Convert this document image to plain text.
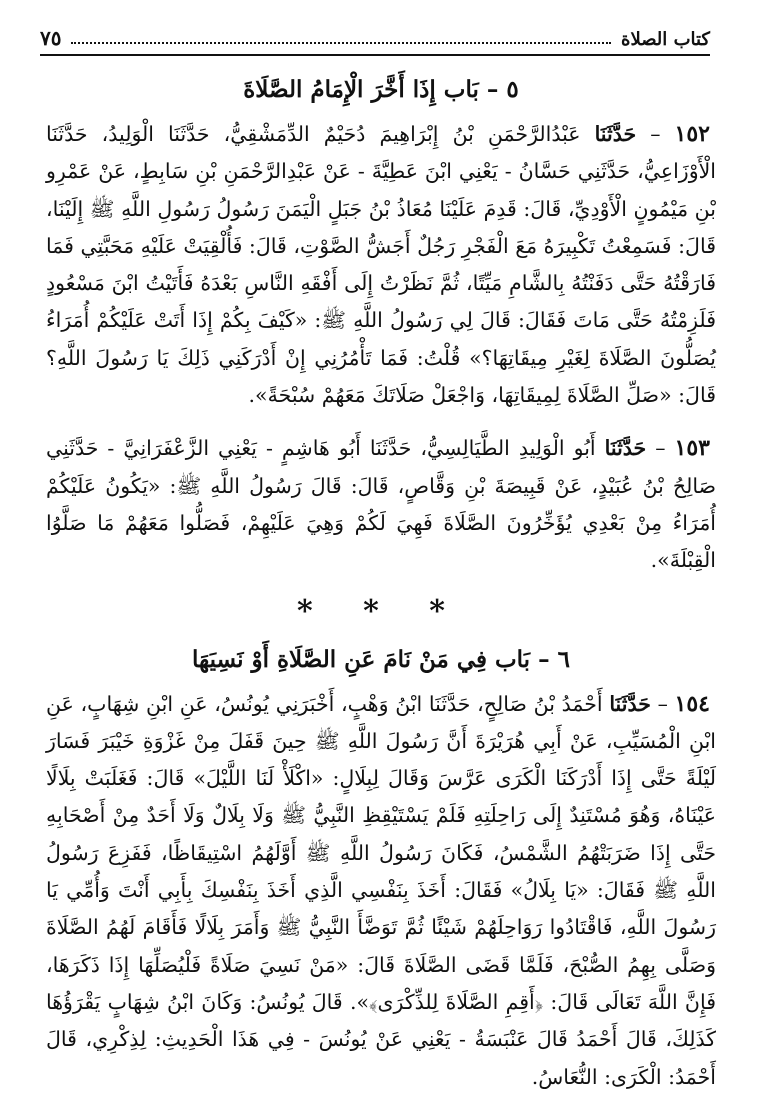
كتاب الصلاة
٧٥
٥ – بَاب إِذَا أَخَّرَ الْإِمَامُ الصَّلَاةَ

١٥٢ – حَدَّثَنَا عَبْدُالرَّحْمَنِ بْنُ إِبْرَاهِيمَ دُحَيْمٌ الدِّمَشْقِيُّ، حَدَّثَنَا الْوَلِيدُ، حَدَّثَنَا الْأَوْزَاعِيُّ، حَدَّثَنِي حَسَّانُ - يَعْنِي ابْنَ عَطِيَّةَ - عَنْ عَبْدِالرَّحْمَنِ بْنِ سَابِطٍ، عَنْ عَمْرِو بْنِ مَيْمُونٍ الْأَوْدِيِّ، قَالَ: قَدِمَ عَلَيْنَا مُعَاذُ بْنُ جَبَلٍ الْيَمَنَ رَسُولُ رَسُولِ اللَّهِ ﷺ إِلَيْنَا، قَالَ: فَسَمِعْتُ تَكْبِيرَهُ مَعَ الْفَجْرِ رَجُلٌ أَجَشُّ الصَّوْتِ، قَالَ: فَأُلْقِيَتْ عَلَيْهِ مَحَبَّتِي فَمَا فَارَقْتُهُ حَتَّى دَفَنْتُهُ بِالشَّامِ مَيِّتًا، ثُمَّ نَظَرْتُ إِلَى أَفْقَهِ النَّاسِ بَعْدَهُ فَأَتَيْتُ ابْنَ مَسْعُودٍ فَلَزِمْتُهُ حَتَّى مَاتَ فَقَالَ: قَالَ لِي رَسُولُ اللَّهِ ﷺ: «كَيْفَ بِكُمْ إِذَا أَتَتْ عَلَيْكُمْ أُمَرَاءُ يُصَلُّونَ الصَّلَاةَ لِغَيْرِ مِيقَاتِهَا؟» قُلْتُ: فَمَا تَأْمُرُنِي إِنْ أَدْرَكَنِي ذَلِكَ يَا رَسُولَ اللَّهِ؟ قَالَ: «صَلِّ الصَّلَاةَ لِمِيقَاتِهَا، وَاجْعَلْ صَلَاتَكَ مَعَهُمْ سُبْحَةً».

١٥٣ – حَدَّثَنَا أَبُو الْوَلِيدِ الطَّيَالِسِيُّ، حَدَّثَنَا أَبُو هَاشِمٍ - يَعْنِي الزَّعْفَرَانِيَّ - حَدَّثَنِي صَالِحُ بْنُ عُبَيْدٍ، عَنْ قَبِيصَةَ بْنِ وَقَّاصٍ، قَالَ: قَالَ رَسُولُ اللَّهِ ﷺ: «يَكُونُ عَلَيْكُمْ أُمَرَاءُ مِنْ بَعْدِي يُؤَخِّرُونَ الصَّلَاةَ فَهِيَ لَكُمْ وَهِيَ عَلَيْهِمْ، فَصَلُّوا مَعَهُمْ مَا صَلَّوُا الْقِبْلَةَ».

* * *
٦ – بَاب فِي مَنْ نَامَ عَنِ الصَّلَاةِ أَوْ نَسِيَهَا

١٥٤ – حَدَّثَنَا أَحْمَدُ بْنُ صَالِحٍ، حَدَّثَنَا ابْنُ وَهْبٍ، أَخْبَرَنِي يُونُسُ، عَنِ ابْنِ شِهَابٍ، عَنِ ابْنِ الْمُسَيِّبِ، عَنْ أَبِي هُرَيْرَةَ أَنَّ رَسُولَ اللَّهِ ﷺ حِينَ قَفَلَ مِنْ غَزْوَةِ خَيْبَرَ فَسَارَ لَيْلَةً حَتَّى إِذَا أَدْرَكَنَا الْكَرَى عَرَّسَ وَقَالَ لِبِلَالٍ: «اكْلَأْ لَنَا اللَّيْلَ» قَالَ: فَغَلَبَتْ بِلَالًا عَيْنَاهُ، وَهُوَ مُسْتَنِدٌ إِلَى رَاحِلَتِهِ فَلَمْ يَسْتَيْقِظِ النَّبِيُّ ﷺ وَلَا بِلَالٌ وَلَا أَحَدٌ مِنْ أَصْحَابِهِ حَتَّى إِذَا ضَرَبَتْهُمُ الشَّمْسُ، فَكَانَ رَسُولُ اللَّهِ ﷺ أَوَّلَهُمُ اسْتِيقَاظًا، فَفَزِعَ رَسُولُ اللَّهِ ﷺ فَقَالَ: «يَا بِلَالُ» فَقَالَ: أَخَذَ بِنَفْسِي الَّذِي أَخَذَ بِنَفْسِكَ بِأَبِي أَنْتَ وَأُمِّي يَا رَسُولَ اللَّهِ، فَاقْتَادُوا رَوَاحِلَهُمْ شَيْئًا ثُمَّ تَوَضَّأَ النَّبِيُّ ﷺ وَأَمَرَ بِلَالًا فَأَقَامَ لَهُمُ الصَّلَاةَ وَصَلَّى بِهِمُ الصُّبْحَ، فَلَمَّا قَضَى الصَّلَاةَ قَالَ: «مَنْ نَسِيَ صَلَاةً فَلْيُصَلِّهَا إِذَا ذَكَرَهَا، فَإِنَّ اللَّهَ تَعَالَى قَالَ: ﴿أَقِمِ الصَّلَاةَ لِلذِّكْرَى﴾». قَالَ يُونُسُ: وَكَانَ ابْنُ شِهَابٍ يَقْرَؤُهَا كَذَلِكَ، قَالَ أَحْمَدُ قَالَ عَنْبَسَةُ - يَعْنِي عَنْ يُونُسَ - فِي هَذَا الْحَدِيثِ: لِذِكْرِي، قَالَ أَحْمَدُ: الْكَرَى: النُّعَاسُ.
